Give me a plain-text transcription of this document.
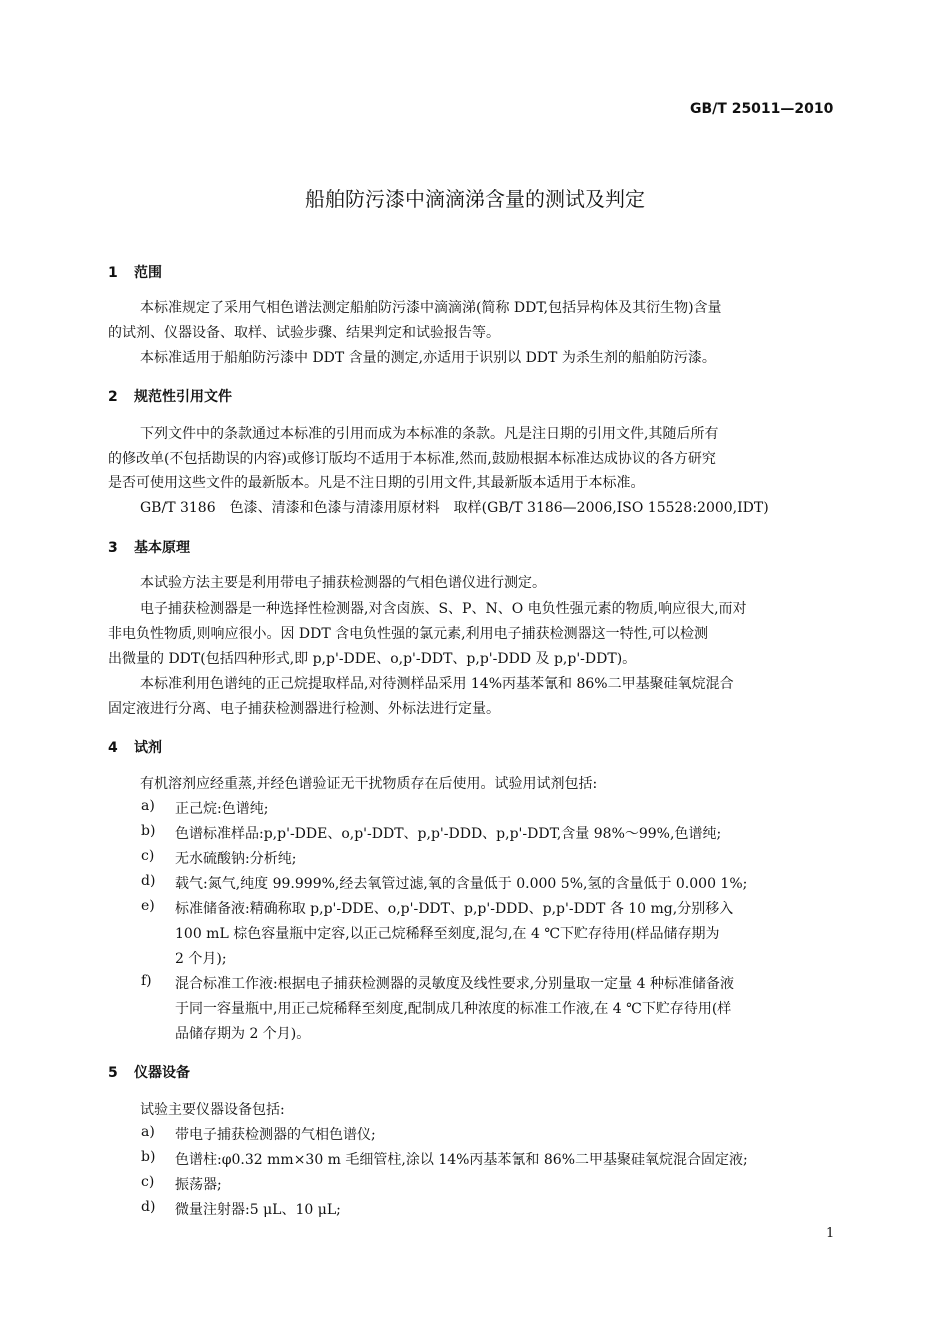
GB/T 25011—2010
船舶防污漆中滴滴涕含量的测试及判定
1 范围
本标准规定了采用气相色谱法测定船舶防污漆中滴滴涕(简称 DDT,包括异构体及其衍生物)含量
的试剂、仪器设备、取样、试验步骤、结果判定和试验报告等。
本标准适用于船舶防污漆中 DDT 含量的测定,亦适用于识别以 DDT 为杀生剂的船舶防污漆。
2 规范性引用文件
下列文件中的条款通过本标准的引用而成为本标准的条款。凡是注日期的引用文件,其随后所有
的修改单(不包括勘误的内容)或修订版均不适用于本标准,然而,鼓励根据本标准达成协议的各方研究
是否可使用这些文件的最新版本。凡是不注日期的引用文件,其最新版本适用于本标准。
GB/T 3186　色漆、清漆和色漆与清漆用原材料　取样(GB/T 3186—2006,ISO 15528:2000,IDT)
3 基本原理
本试验方法主要是利用带电子捕获检测器的气相色谱仪进行测定。
电子捕获检测器是一种选择性检测器,对含卤族、S、P、N、O 电负性强元素的物质,响应很大,而对
非电负性物质,则响应很小。因 DDT 含电负性强的氯元素,利用电子捕获检测器这一特性,可以检测
出微量的 DDT(包括四种形式,即 p,p'-DDE、o,p'-DDT、p,p'-DDD 及 p,p'-DDT)。
本标准利用色谱纯的正己烷提取样品,对待测样品采用 14%丙基苯氰和 86%二甲基聚硅氧烷混合
固定液进行分离、电子捕获检测器进行检测、外标法进行定量。
4 试剂
有机溶剂应经重蒸,并经色谱验证无干扰物质存在后使用。试验用试剂包括:
a) 正己烷:色谱纯;
b) 色谱标准样品:p,p'-DDE、o,p'-DDT、p,p'-DDD、p,p'-DDT,含量 98%～99%,色谱纯;
c) 无水硫酸钠:分析纯;
d) 载气:氮气,纯度 99.999%,经去氧管过滤,氧的含量低于 0.000 5%,氢的含量低于 0.000 1%;
e) 标准储备液:精确称取 p,p'-DDE、o,p'-DDT、p,p'-DDD、p,p'-DDT 各 10 mg,分别移入
100 mL 棕色容量瓶中定容,以正己烷稀释至刻度,混匀,在 4 ℃下贮存待用(样品储存期为
2 个月);
f) 混合标准工作液:根据电子捕获检测器的灵敏度及线性要求,分别量取一定量 4 种标准储备液
于同一容量瓶中,用正己烷稀释至刻度,配制成几种浓度的标准工作液,在 4 ℃下贮存待用(样
品储存期为 2 个月)。
5 仪器设备
试验主要仪器设备包括:
a) 带电子捕获检测器的气相色谱仪;
b) 色谱柱:φ0.32 mm×30 m 毛细管柱,涂以 14%丙基苯氰和 86%二甲基聚硅氧烷混合固定液;
c) 振荡器;
d) 微量注射器:5 μL、10 μL;
1
